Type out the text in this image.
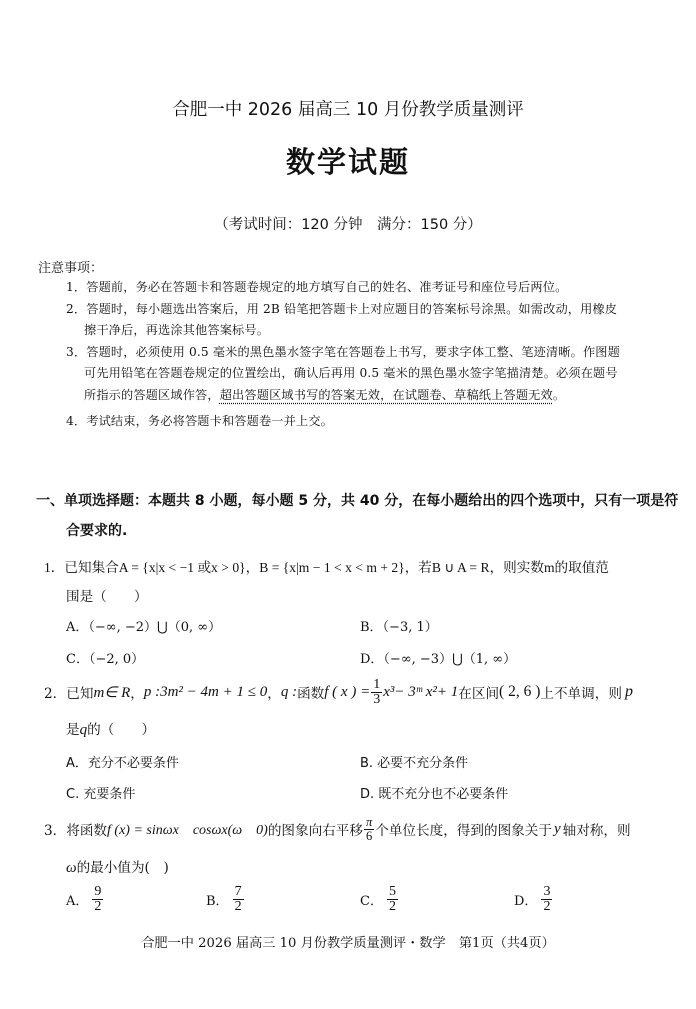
合肥一中 2026 届高三 10 月份教学质量测评
数学试题
（考试时间：120 分钟　满分：150 分）
注意事项：
1．答题前，务必在答题卡和答题卷规定的地方填写自己的姓名、准考证号和座位号后两位。
2．答题时，每小题选出答案后，用 2B 铅笔把答题卡上对应题目的答案标号涂黑。如需改动，用橡皮
擦干净后，再选涂其他答案标号。
3．答题时，必须使用 0.5 毫米的黑色墨水签字笔在答题卷上书写，要求字体工整、笔迹清晰。作图题
可先用铅笔在答题卷规定的位置绘出，确认后再用 0.5 毫米的黑色墨水签字笔描清楚。必须在题号
所指示的答题区域作答，超出答题区域书写的答案无效，在试题卷、草稿纸上答题无效。
4．考试结束，务必将答题卡和答题卷一并上交。
一、单项选择题：本题共 8 小题，每小题 5 分，共 40 分，在每小题给出的四个选项中，只有一项是符
合要求的.
1．已知集合A = {x|x < −1 或x > 0}，B = {x|m − 1 < x < m + 2}，若B ∪ A = R，则实数m的取值范
围是（　　）
A．（−∞, −2）⋃（0, ∞）	B．（−3, 1）
C．（−2, 0）	D．（−∞, −3）⋃（1, ∞）
2．已知 m∈ R ， p :3m² − 4m + 1 ≤ 0 ， q : 函数 f ( x ) = $\frac{1}{3} x^3-$ 3ᵐ x²+ 1 在区间 ( 2, 6 ) 上不单调，则 p
是q的（　　）
A．充分不必要条件	B. 必要不充分条件
C. 充要条件	D. 既不充分也不必要条件
3．将函数 f (x) = sinωx　cosωx(ω　0) 的图象向右平移 $\frac{\pi}{6}$ 个单位长度，得到的图象关于 y 轴对称，则
ω的最小值为(　)
A． $\frac{9}{2}$	B． $\frac{7}{2}$	C． $\frac{5}{2}$	D． $\frac{3}{2}$
合肥一中 2026 届高三 10 月份教学质量测评・数学　第1页（共4页）
